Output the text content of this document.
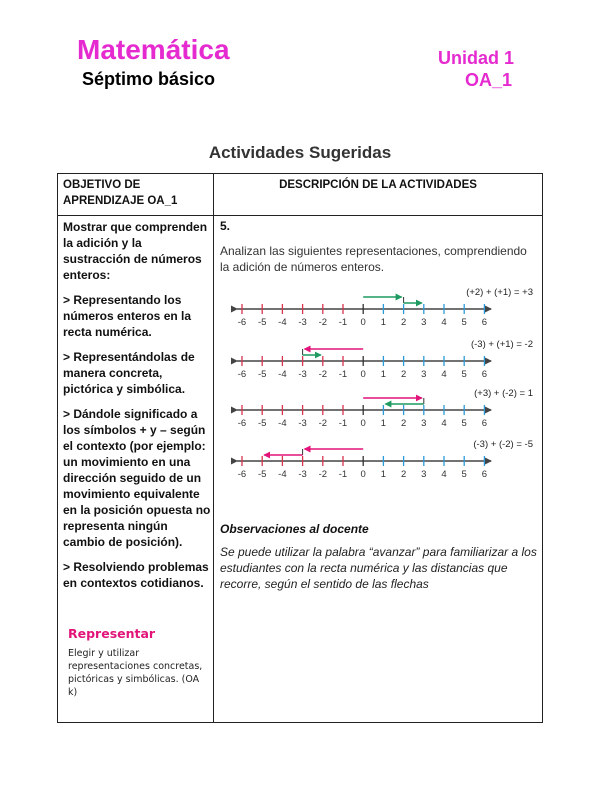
Matemática
Séptimo básico
Unidad 1
OA_1
Actividades Sugeridas
OBJETIVO DE APRENDIZAJE OA_1
DESCRIPCIÓN DE LA ACTIVIDADES

Mostrar que comprenden la adición y la sustracción de números enteros:

> Representando los números enteros en la recta numérica.

> Representándolas de manera concreta, pictórica y simbólica.

> Dándole significado a los símbolos + y – según el contexto (por ejemplo: un movimiento en una dirección seguido de un movimiento equivalente en la posición opuesta no representa ningún cambio de posición).

> Resolviendo problemas en contextos cotidianos.

Representar
Elegir y utilizar representaciones concretas, pictóricas y simbólicas. (OA k)
5.
Analizan las siguientes representaciones, comprendiendo la adición de números enteros.
Observaciones al docente
Se puede utilizar la palabra “avanzar” para familiarizar a los estudiantes con la recta numérica y las distancias que recorre, según el sentido de las flechas
-6 -5 -4 -3 -2 -1 0 1 2 3 4 5 6
(+2) + (+1) = +3
-6 -5 -4 -3 -2 -1 0 1 2 3 4 5 6
(-3) + (+1) = -2
-6 -5 -4 -3 -2 -1 0 1 2 3 4 5 6
(+3) + (-2) = 1
-6 -5 -4 -3 -2 -1 0 1 2 3 4 5 6
(-3) + (-2) = -5
